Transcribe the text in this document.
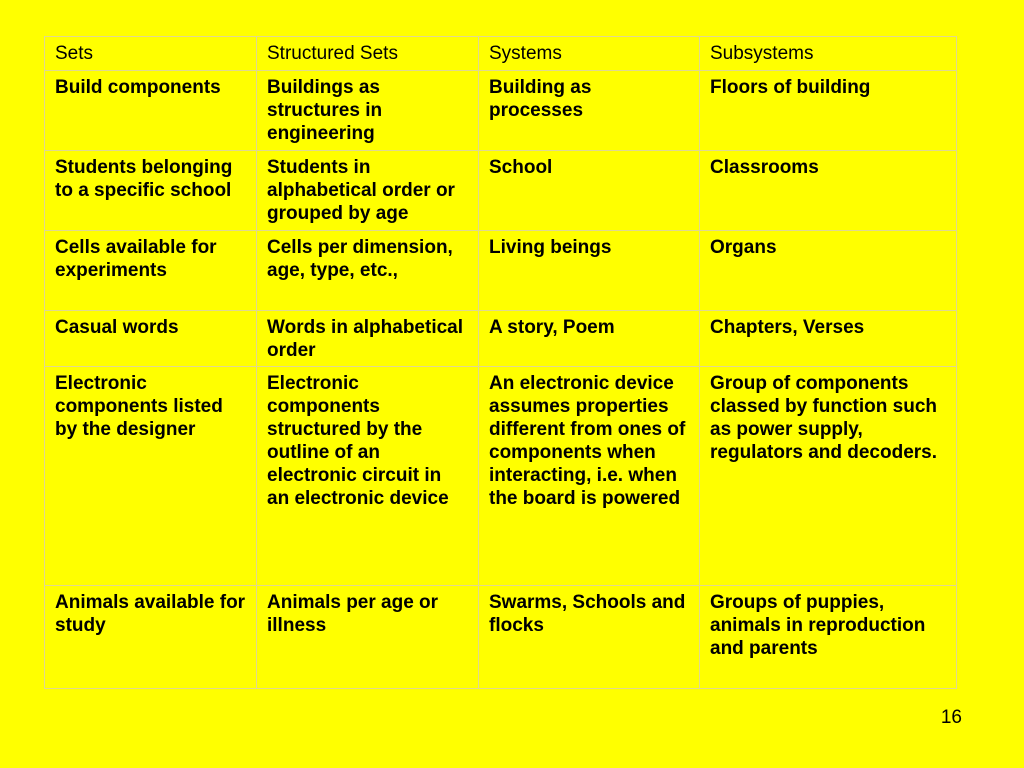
Sets	Structured Sets	Systems	Subsystems
Build components	Buildings as structures in engineering	Building as processes	Floors of building
Students belonging to a specific school	Students in alphabetical order or grouped by age	School	Classrooms
Cells available for experiments	Cells per dimension, age, type, etc.,	Living beings	Organs
Casual words	Words in alphabetical order	A story, Poem	Chapters, Verses
Electronic components listed by the designer	Electronic components structured by the outline of an electronic circuit in an electronic device	An electronic device assumes properties different from ones of components when interacting, i.e. when the board is powered	Group of components classed by function such as power supply, regulators and decoders.
Animals available for study	Animals per age or illness	Swarms, Schools and flocks	Groups of puppies, animals in reproduction and parents
16
